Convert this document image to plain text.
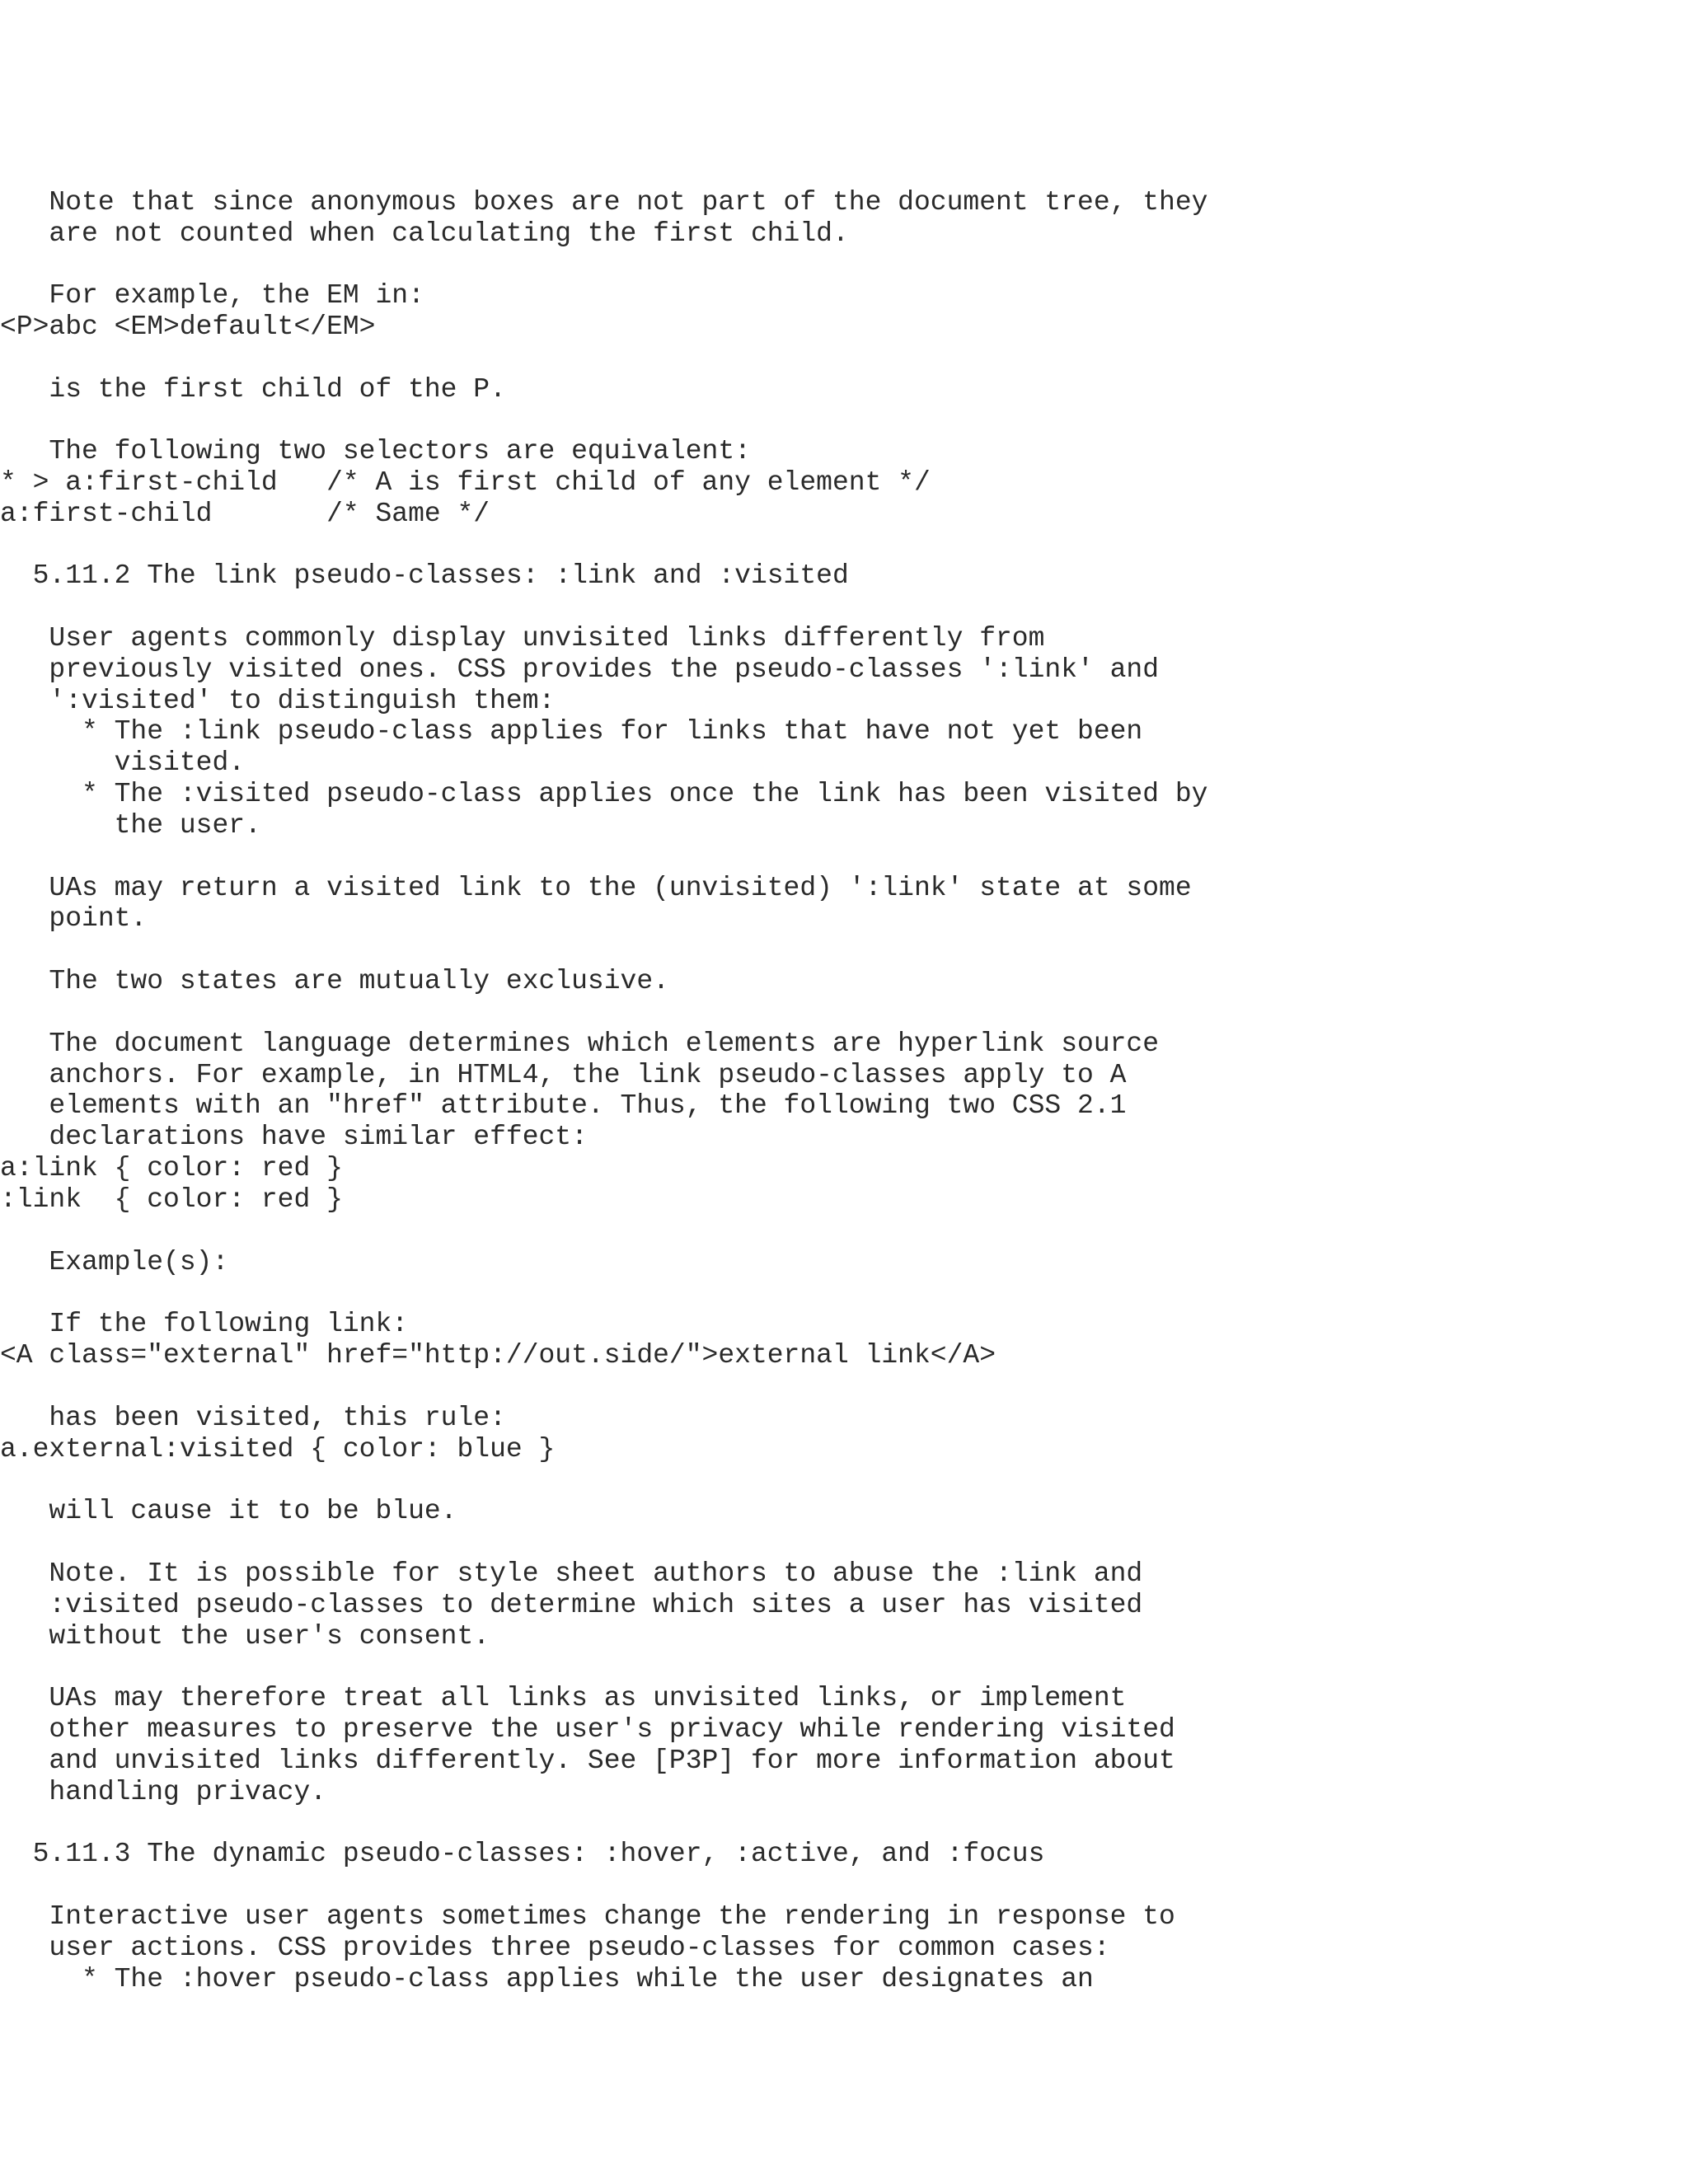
Note that since anonymous boxes are not part of the document tree, they
are not counted when calculating the first child.
For example, the EM in:
<P>abc <EM>default</EM>
is the first child of the P.
The following two selectors are equivalent:
* > a:first-child   /* A is first child of any element */
a:first-child       /* Same */
5.11.2 The link pseudo-classes: :link and :visited
User agents commonly display unvisited links differently from
previously visited ones. CSS provides the pseudo-classes ':link' and
':visited' to distinguish them:
* The :link pseudo-class applies for links that have not yet been
visited.
* The :visited pseudo-class applies once the link has been visited by
the user.
UAs may return a visited link to the (unvisited) ':link' state at some
point.
The two states are mutually exclusive.
The document language determines which elements are hyperlink source
anchors. For example, in HTML4, the link pseudo-classes apply to A
elements with an "href" attribute. Thus, the following two CSS 2.1
declarations have similar effect:
a:link { color: red }
:link  { color: red }
Example(s):
If the following link:
<A class="external" href="http://out.side/">external link</A>
has been visited, this rule:
a.external:visited { color: blue }
will cause it to be blue.
Note. It is possible for style sheet authors to abuse the :link and
:visited pseudo-classes to determine which sites a user has visited
without the user's consent.
UAs may therefore treat all links as unvisited links, or implement
other measures to preserve the user's privacy while rendering visited
and unvisited links differently. See [P3P] for more information about
handling privacy.
5.11.3 The dynamic pseudo-classes: :hover, :active, and :focus
Interactive user agents sometimes change the rendering in response to
user actions. CSS provides three pseudo-classes for common cases:
* The :hover pseudo-class applies while the user designates an
